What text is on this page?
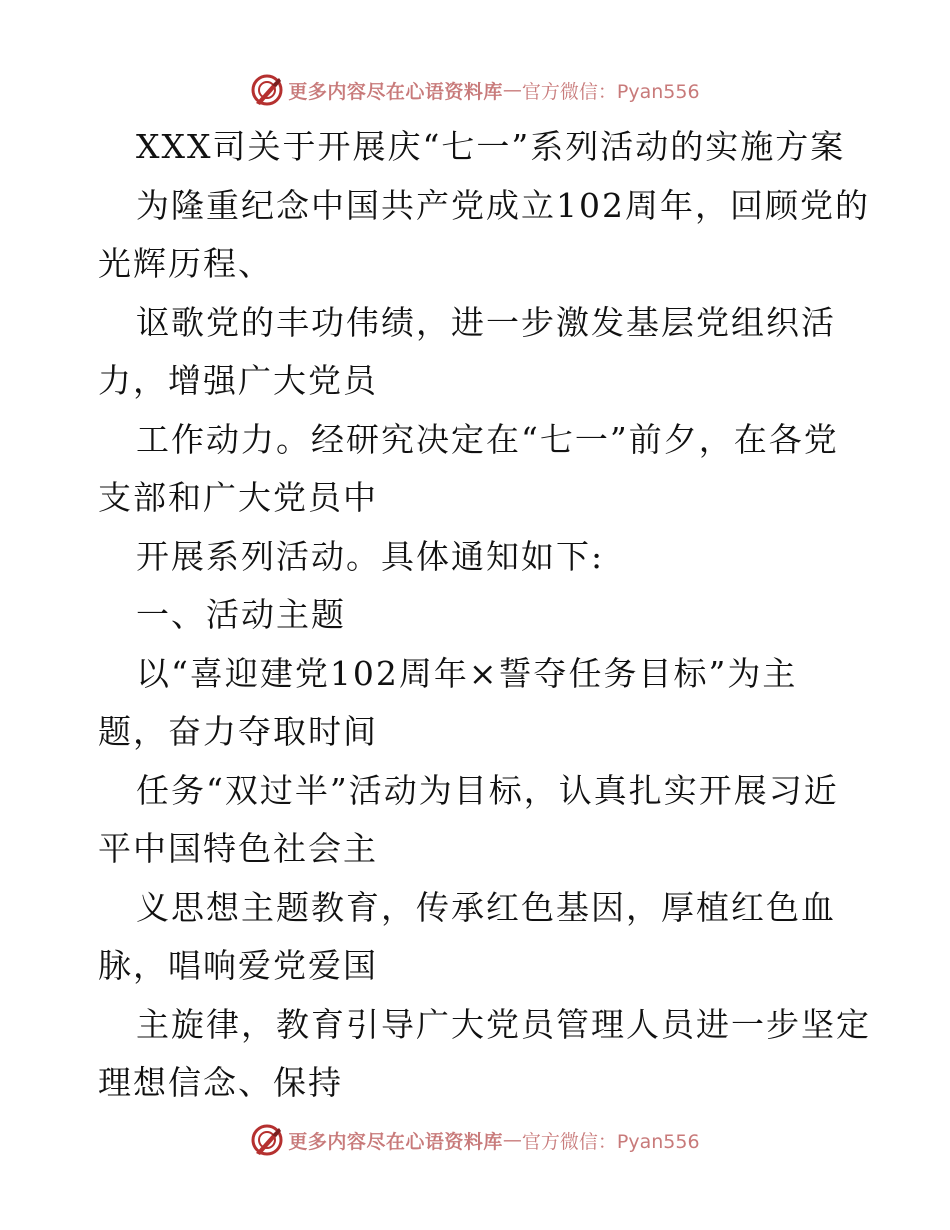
更多内容尽在心语资料库 — 官方微信：Pyan556
XXX司关于开展庆“七一”系列活动的实施方案
为隆重纪念中国共产党成立102周年，回顾党的
光辉历程、
讴歌党的丰功伟绩，进一步激发基层党组织活
力，增强广大党员
工作动力。经研究决定在“七一”前夕，在各党
支部和广大党员中
开展系列活动。具体通知如下:
一、活动主题
以“喜迎建党102周年×誓夺任务目标”为主
题，奋力夺取时间
任务“双过半”活动为目标，认真扎实开展习近
平中国特色社会主
义思想主题教育，传承红色基因，厚植红色血
脉，唱响爱党爱国
主旋律，教育引导广大党员管理人员进一步坚定
理想信念、保持
更多内容尽在心语资料库 — 官方微信：Pyan556
